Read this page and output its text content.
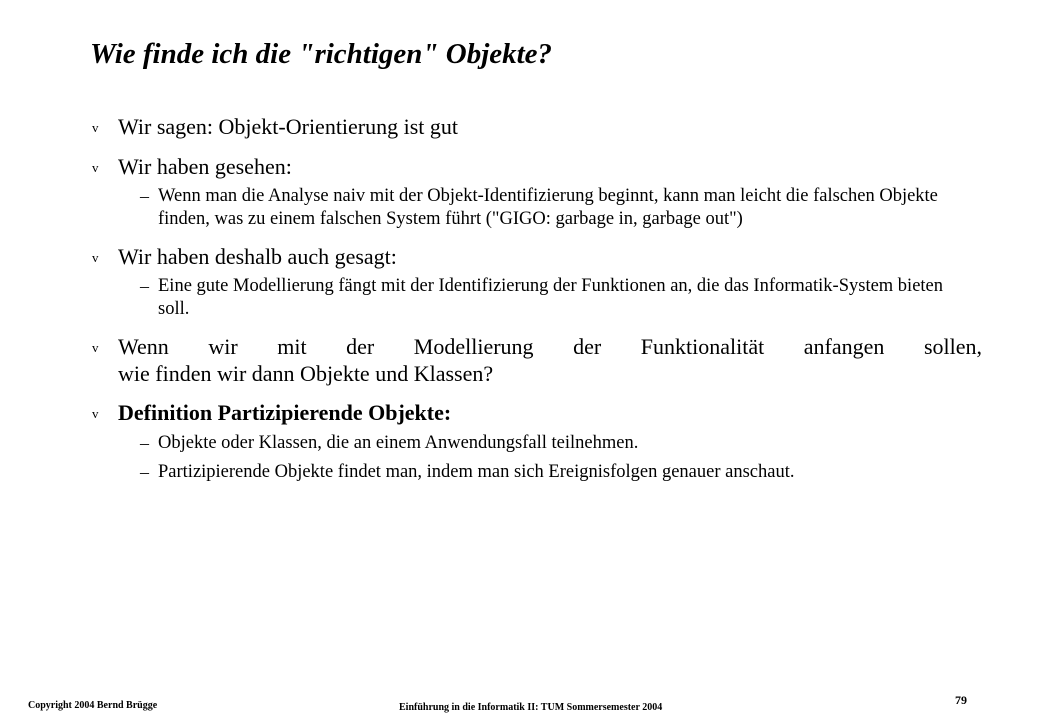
Wie finde ich die "richtigen" Objekte?
v Wir sagen: Objekt-Orientierung ist gut
v Wir haben gesehen:
– Wenn man die Analyse naiv mit der Objekt-Identifizierung beginnt, kann man leicht die falschen Objekte finden, was zu einem falschen System führt ("GIGO: garbage in, garbage out")
v Wir haben deshalb auch gesagt:
– Eine gute Modellierung fängt mit der Identifizierung der Funktionen an, die das Informatik-System bieten soll.
v Wenn wir mit der Modellierung der Funktionalität anfangen sollen,
wie finden wir dann Objekte und Klassen?
v Definition Partizipierende Objekte:
– Objekte oder Klassen, die an einem Anwendungsfall teilnehmen.
– Partizipierende Objekte findet man, indem man sich Ereignisfolgen genauer anschaut.
Copyright 2004 Bernd Brügge	Einführung in die Informatik II: TUM Sommersemester 2004
79
